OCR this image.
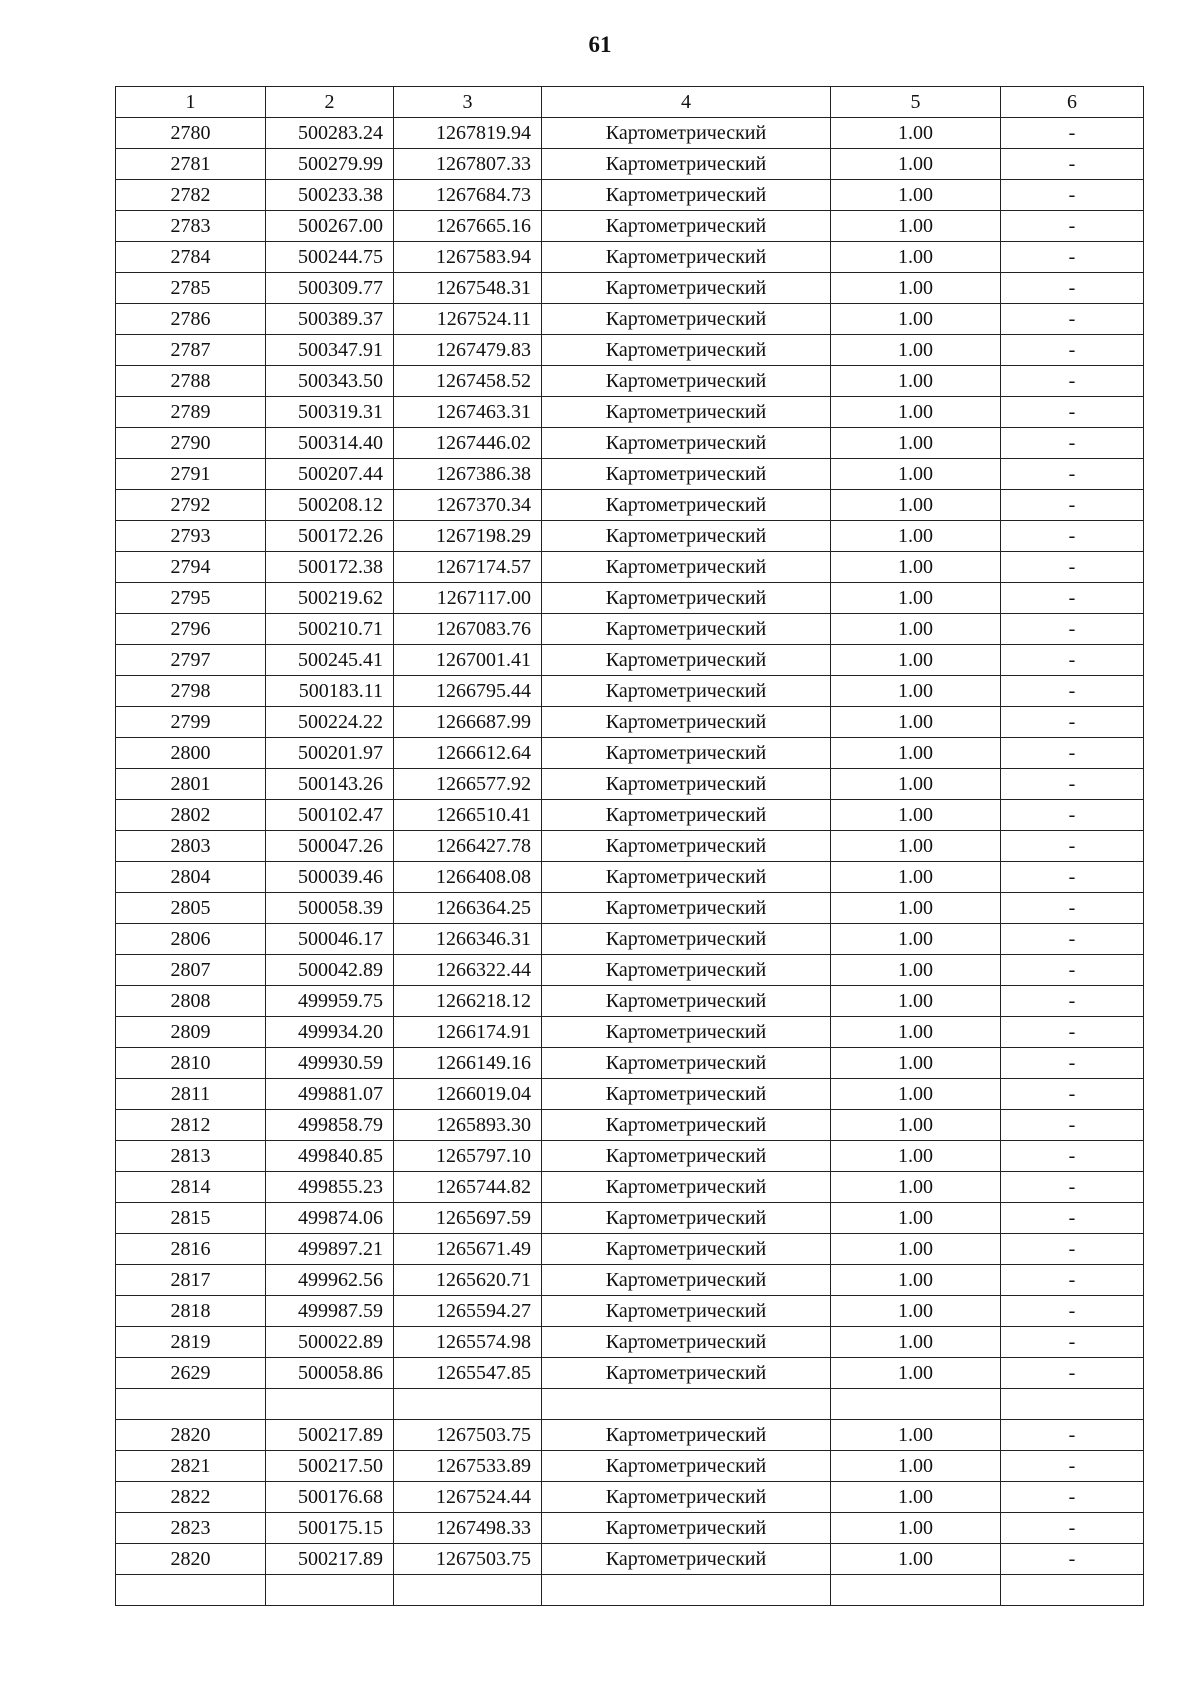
61
1	2	3	4	5	6
2780	500283.24	1267819.94	Картометрический	1.00	-
2781	500279.99	1267807.33	Картометрический	1.00	-
2782	500233.38	1267684.73	Картометрический	1.00	-
2783	500267.00	1267665.16	Картометрический	1.00	-
2784	500244.75	1267583.94	Картометрический	1.00	-
2785	500309.77	1267548.31	Картометрический	1.00	-
2786	500389.37	1267524.11	Картометрический	1.00	-
2787	500347.91	1267479.83	Картометрический	1.00	-
2788	500343.50	1267458.52	Картометрический	1.00	-
2789	500319.31	1267463.31	Картометрический	1.00	-
2790	500314.40	1267446.02	Картометрический	1.00	-
2791	500207.44	1267386.38	Картометрический	1.00	-
2792	500208.12	1267370.34	Картометрический	1.00	-
2793	500172.26	1267198.29	Картометрический	1.00	-
2794	500172.38	1267174.57	Картометрический	1.00	-
2795	500219.62	1267117.00	Картометрический	1.00	-
2796	500210.71	1267083.76	Картометрический	1.00	-
2797	500245.41	1267001.41	Картометрический	1.00	-
2798	500183.11	1266795.44	Картометрический	1.00	-
2799	500224.22	1266687.99	Картометрический	1.00	-
2800	500201.97	1266612.64	Картометрический	1.00	-
2801	500143.26	1266577.92	Картометрический	1.00	-
2802	500102.47	1266510.41	Картометрический	1.00	-
2803	500047.26	1266427.78	Картометрический	1.00	-
2804	500039.46	1266408.08	Картометрический	1.00	-
2805	500058.39	1266364.25	Картометрический	1.00	-
2806	500046.17	1266346.31	Картометрический	1.00	-
2807	500042.89	1266322.44	Картометрический	1.00	-
2808	499959.75	1266218.12	Картометрический	1.00	-
2809	499934.20	1266174.91	Картометрический	1.00	-
2810	499930.59	1266149.16	Картометрический	1.00	-
2811	499881.07	1266019.04	Картометрический	1.00	-
2812	499858.79	1265893.30	Картометрический	1.00	-
2813	499840.85	1265797.10	Картометрический	1.00	-
2814	499855.23	1265744.82	Картометрический	1.00	-
2815	499874.06	1265697.59	Картометрический	1.00	-
2816	499897.21	1265671.49	Картометрический	1.00	-
2817	499962.56	1265620.71	Картометрический	1.00	-
2818	499987.59	1265594.27	Картометрический	1.00	-
2819	500022.89	1265574.98	Картометрический	1.00	-
2629	500058.86	1265547.85	Картометрический	1.00	-

2820	500217.89	1267503.75	Картометрический	1.00	-
2821	500217.50	1267533.89	Картометрический	1.00	-
2822	500176.68	1267524.44	Картометрический	1.00	-
2823	500175.15	1267498.33	Картометрический	1.00	-
2820	500217.89	1267503.75	Картометрический	1.00	-
